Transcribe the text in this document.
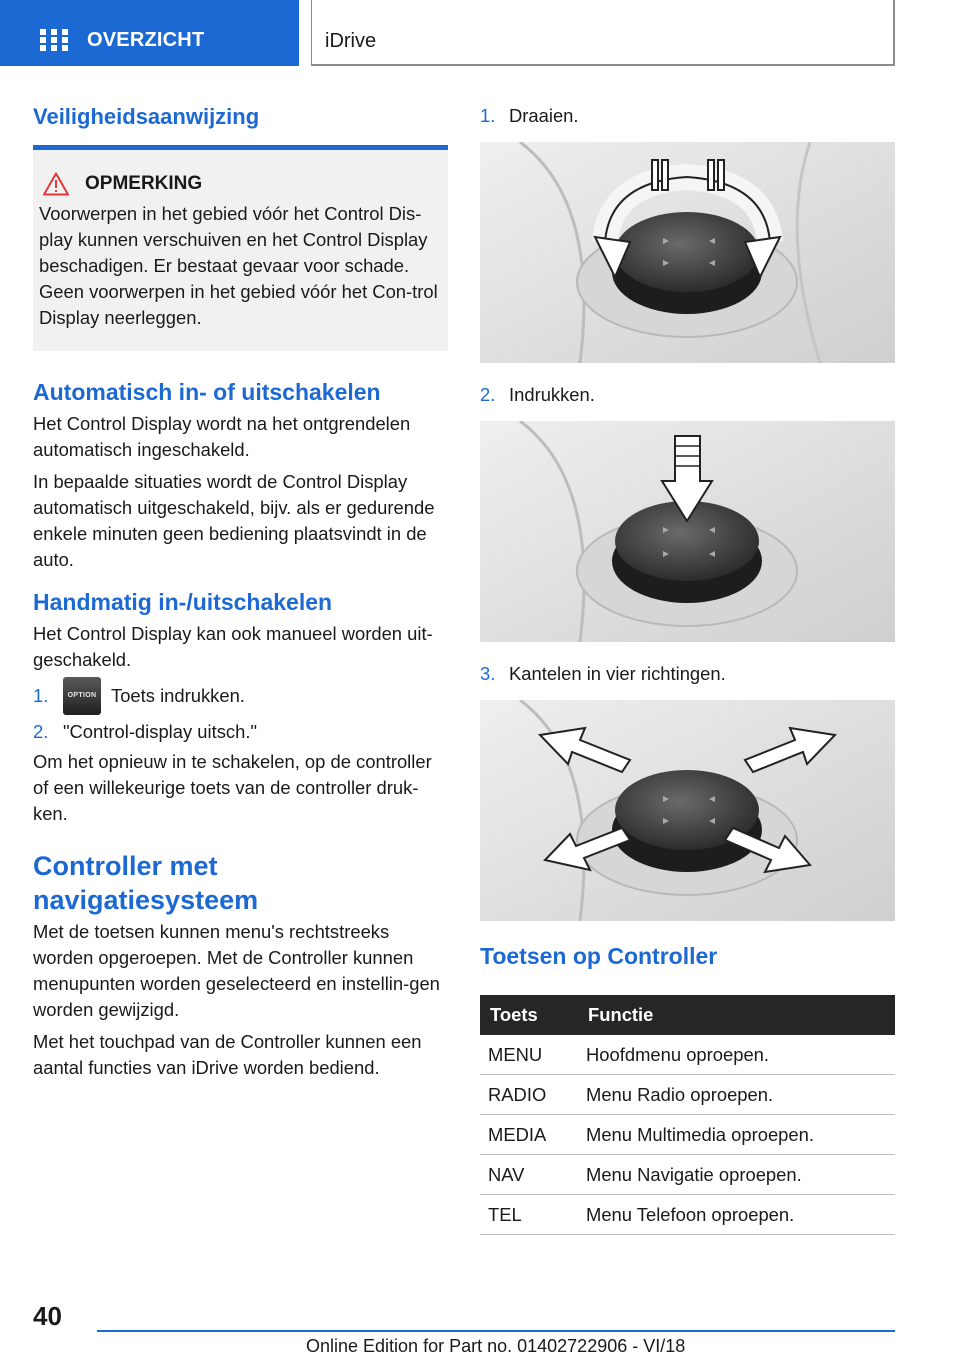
OVERZICHT	iDrive
Veiligheidsaanwijzing
OPMERKING
Voorwerpen in het gebied vóór het Control Dis-play kunnen verschuiven en het Control Display beschadigen. Er bestaat gevaar voor schade. Geen voorwerpen in het gebied vóór het Con-trol Display neerleggen.
Automatisch in- of uitschakelen

Het Control Display wordt na het ontgrendelen automatisch ingeschakeld.

In bepaalde situaties wordt de Control Display automatisch uitgeschakeld, bijv. als er gedurende enkele minuten geen bediening plaatsvindt in de auto.

Handmatig in-/uitschakelen

Het Control Display kan ook manueel worden uit-geschakeld.

1.	OPTION Toets indrukken.
2. "Control-display uitsch."

Om het opnieuw in te schakelen, op de controller of een willekeurige toets van de controller druk-ken.

Controller met navigatiesysteem

Met de toetsen kunnen menu's rechtstreeks worden opgeroepen. Met de Controller kunnen menupunten worden geselecteerd en instellin-gen worden gewijzigd.

Met het touchpad van de Controller kunnen een aantal functies van iDrive worden bediend.

1. Draaien.
2. Indrukken.
3. Kantelen in vier richtingen.
Toetsen op Controller
Toets	Functie
MENU	Hoofdmenu oproepen.
RADIO	Menu Radio oproepen.
MEDIA	Menu Multimedia oproepen.
NAV	Menu Navigatie oproepen.
TEL	Menu Telefoon oproepen.
40
Online Edition for Part no. 01402722906 - VI/18
